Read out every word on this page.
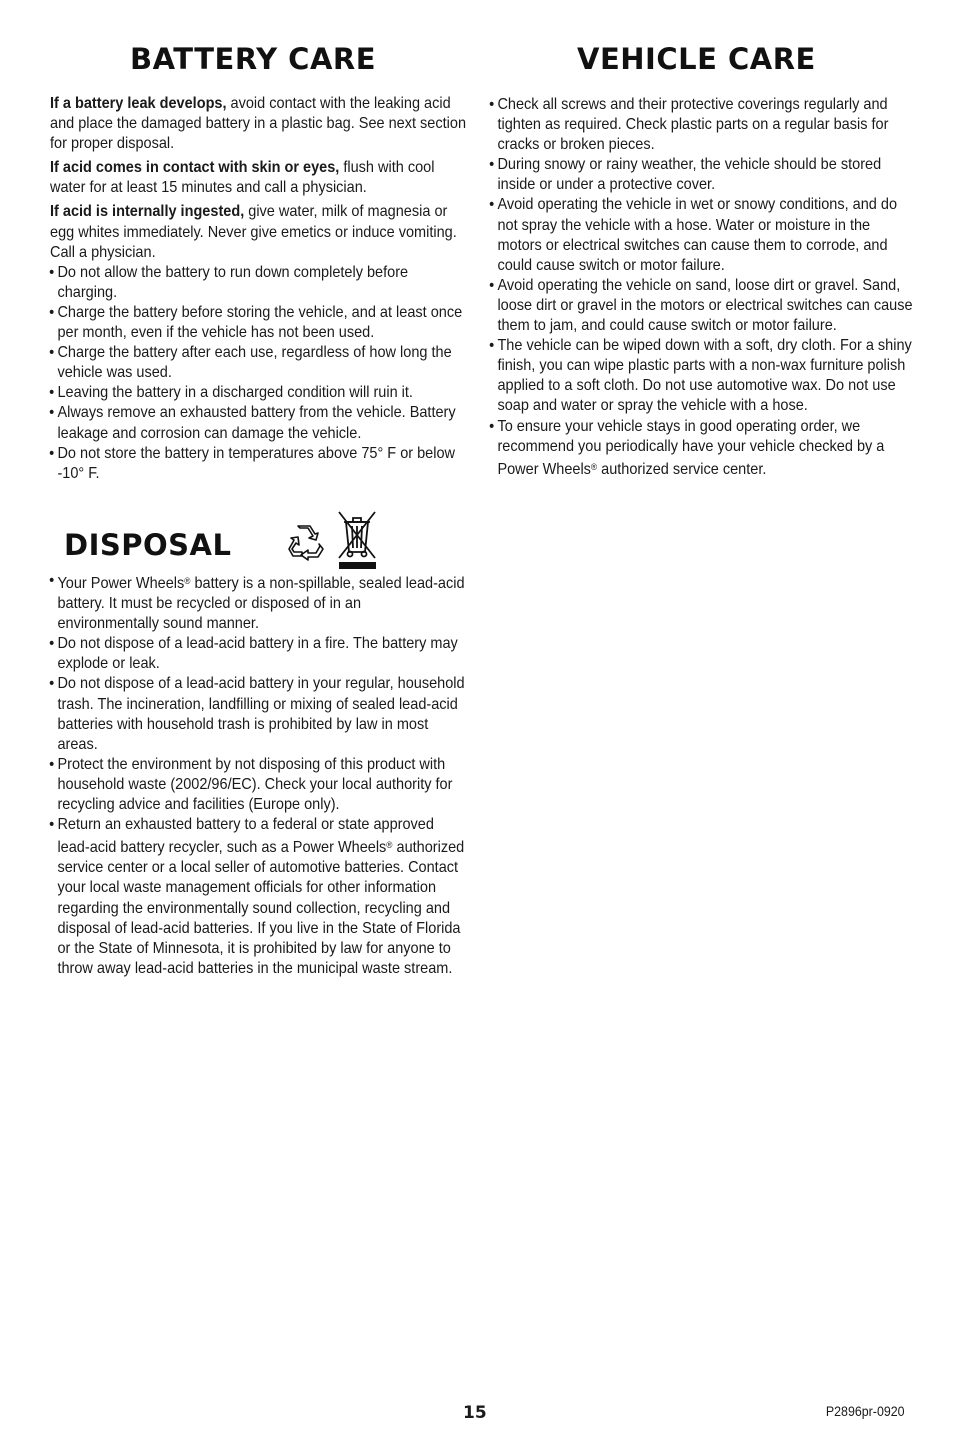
BATTERY CARE

If a battery leak develops, avoid contact with the leaking acid and place the damaged battery in a plastic bag. See next section for proper disposal.

If acid comes in contact with skin or eyes, flush with cool water for at least 15 minutes and call a physician.

If acid is internally ingested, give water, milk of magnesia or egg whites immediately. Never give emetics or induce vomiting. Call a physician.

• Do not allow the battery to run down completely before charging.
• Charge the battery before storing the vehicle, and at least once per month, even if the vehicle has not been used.
• Charge the battery after each use, regardless of how long the vehicle was used.
• Leaving the battery in a discharged condition will ruin it.
• Always remove an exhausted battery from the vehicle. Battery leakage and corrosion can damage the vehicle.
• Do not store the battery in temperatures above 75° F or below -10° F.
• Your Power Wheels® battery is a non-spillable, sealed lead-acid battery. It must be recycled or disposed of in an environmentally sound manner.
• Do not dispose of a lead-acid battery in a fire. The battery may explode or leak.
• Do not dispose of a lead-acid battery in your regular, household trash. The incineration, landfilling or mixing of sealed lead-acid batteries with household trash is prohibited by law in most areas.
• Protect the environment by not disposing of this product with household waste (2002/96/EC). Check your local authority for recycling advice and facilities (Europe only).
• Return an exhausted battery to a federal or state approved lead-acid battery recycler, such as a Power Wheels® authorized service center or a local seller of automotive batteries. Contact your local waste management officials for other information regarding the environmentally sound collection, recycling and disposal of lead-acid batteries. If you live in the State of Florida or the State of Minnesota, it is prohibited by law for anyone to throw away lead-acid batteries in the municipal waste stream.
DISPOSAL
VEHICLE CARE
• Check all screws and their protective coverings regularly and tighten as required. Check plastic parts on a regular basis for cracks or broken pieces.
• During snowy or rainy weather, the vehicle should be stored inside or under a protective cover.
• Avoid operating the vehicle in wet or snowy conditions, and do not spray the vehicle with a hose. Water or moisture in the motors or electrical switches can cause them to corrode, and could cause switch or motor failure.
• Avoid operating the vehicle on sand, loose dirt or gravel. Sand, loose dirt or gravel in the motors or electrical switches can cause them to jam, and could cause switch or motor failure.
• The vehicle can be wiped down with a soft, dry cloth. For a shiny finish, you can wipe plastic parts with a non-wax furniture polish applied to a soft cloth. Do not use automotive wax. Do not use soap and water or spray the vehicle with a hose.
• To ensure your vehicle stays in good operating order, we recommend you periodically have your vehicle checked by a Power Wheels® authorized service center.
15	P2896pr-0920
